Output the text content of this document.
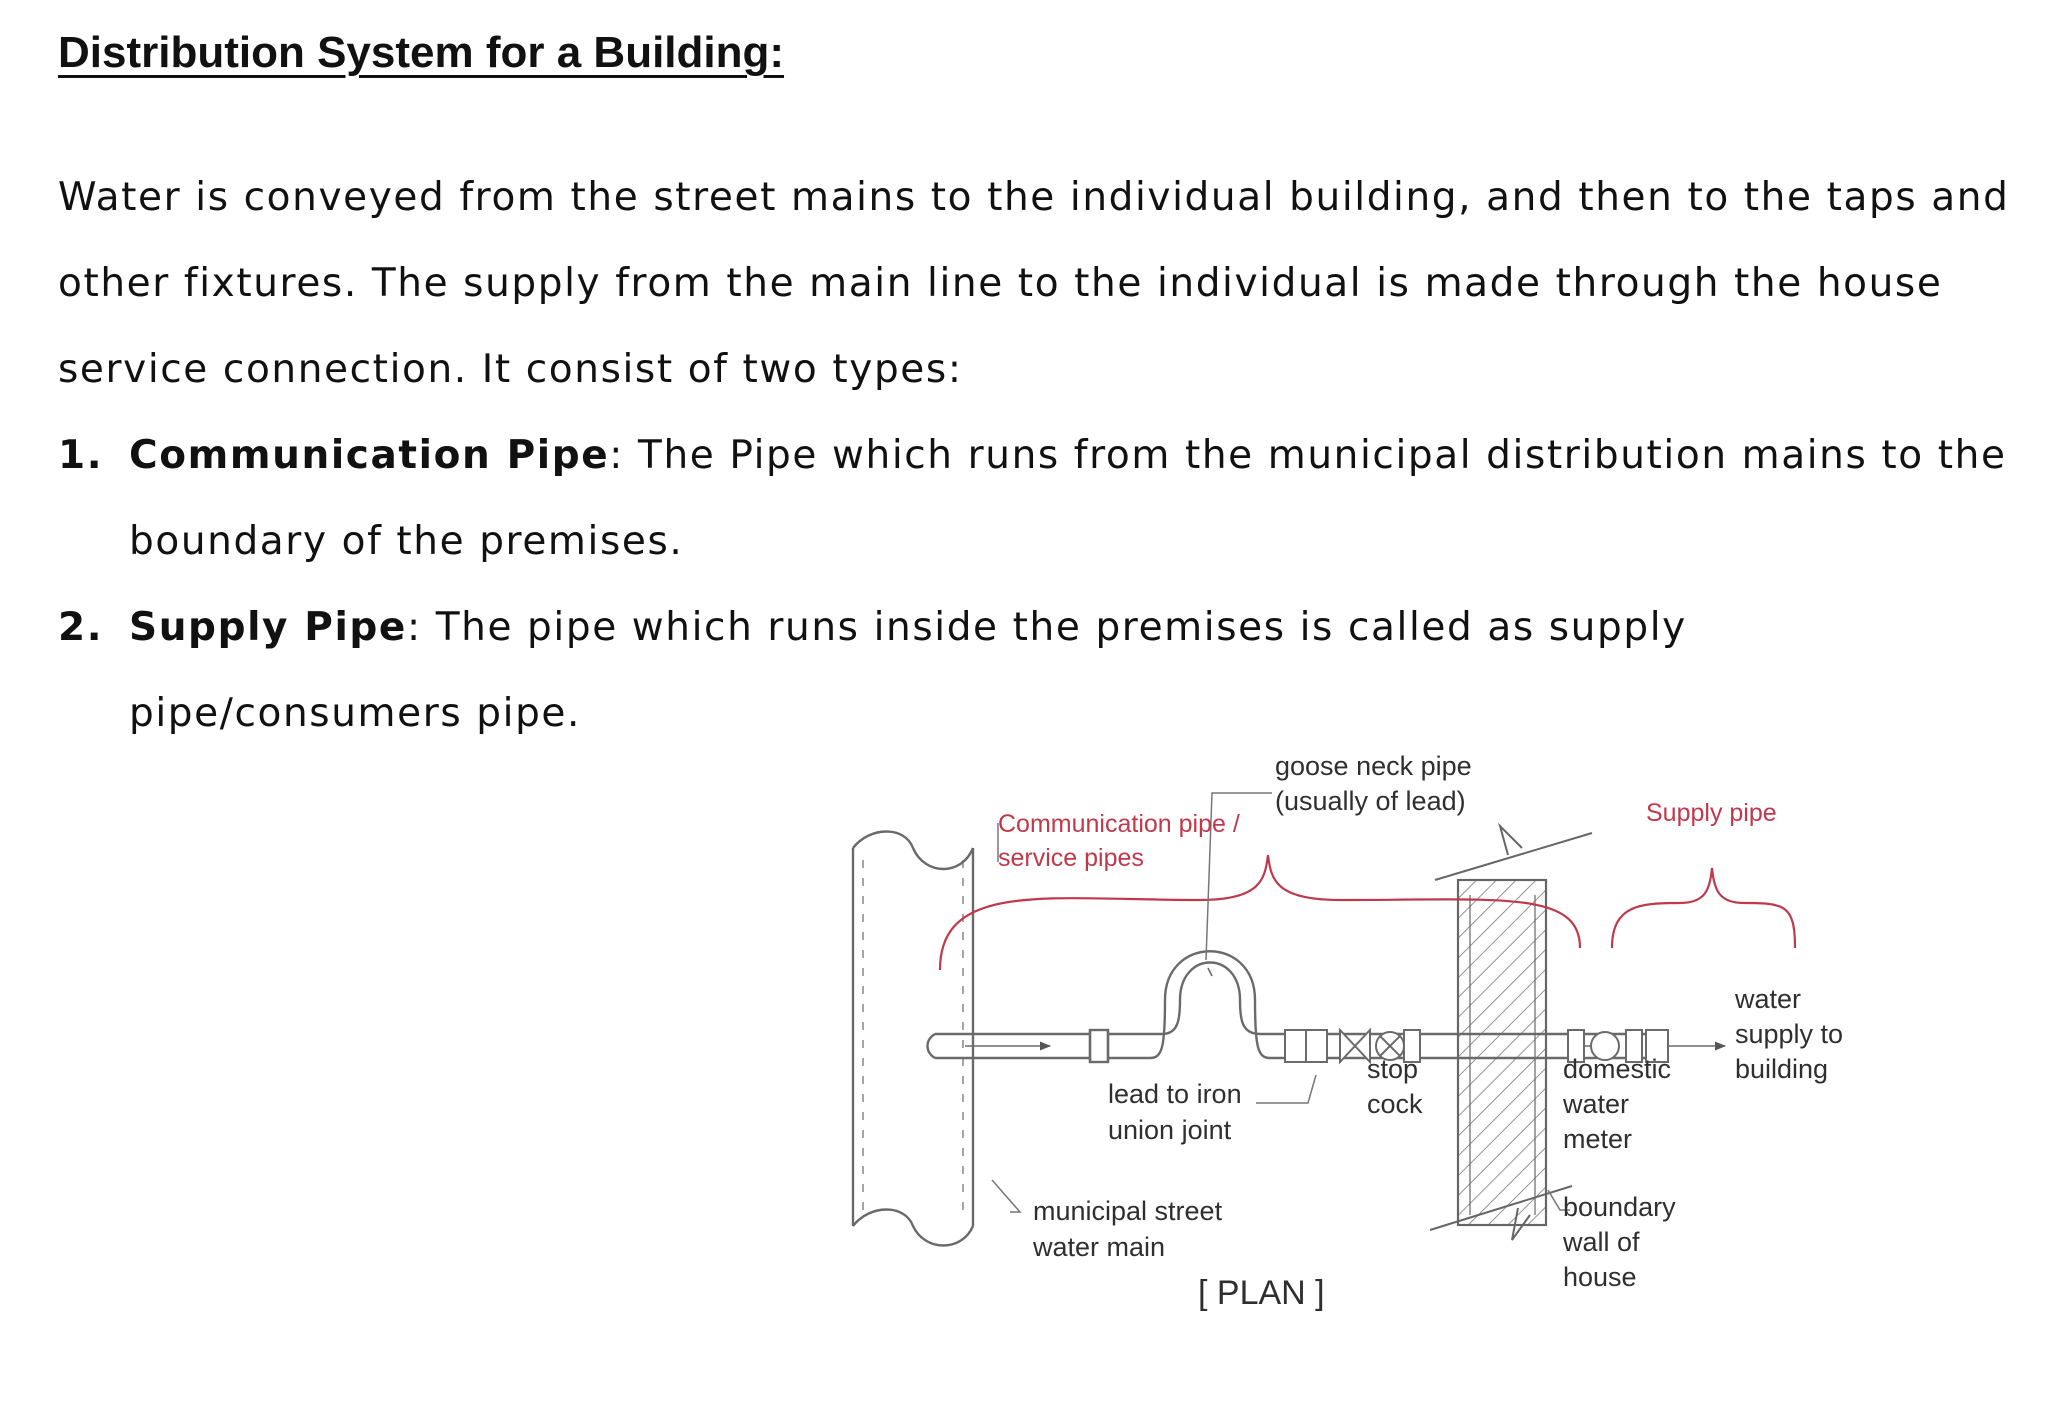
Distribution System for a Building:

Water is conveyed from the street mains to the individual building, and then to the taps and other fixtures. The supply from the main line to the individual is made through the house service connection. It consist of two types:

1. Communication Pipe: The Pipe which runs from the municipal distribution mains to the boundary of the premises.
2. Supply Pipe: The pipe which runs inside the premises is called as supply pipe/consumers pipe.
goose neck pipe
(usually of lead)
Communication pipe /
service pipes
Supply pipe
water
supply to
building
stop
cock
domestic
water
meter
lead to iron
union joint
municipal street
water main
boundary
wall of
house
[ PLAN ]
